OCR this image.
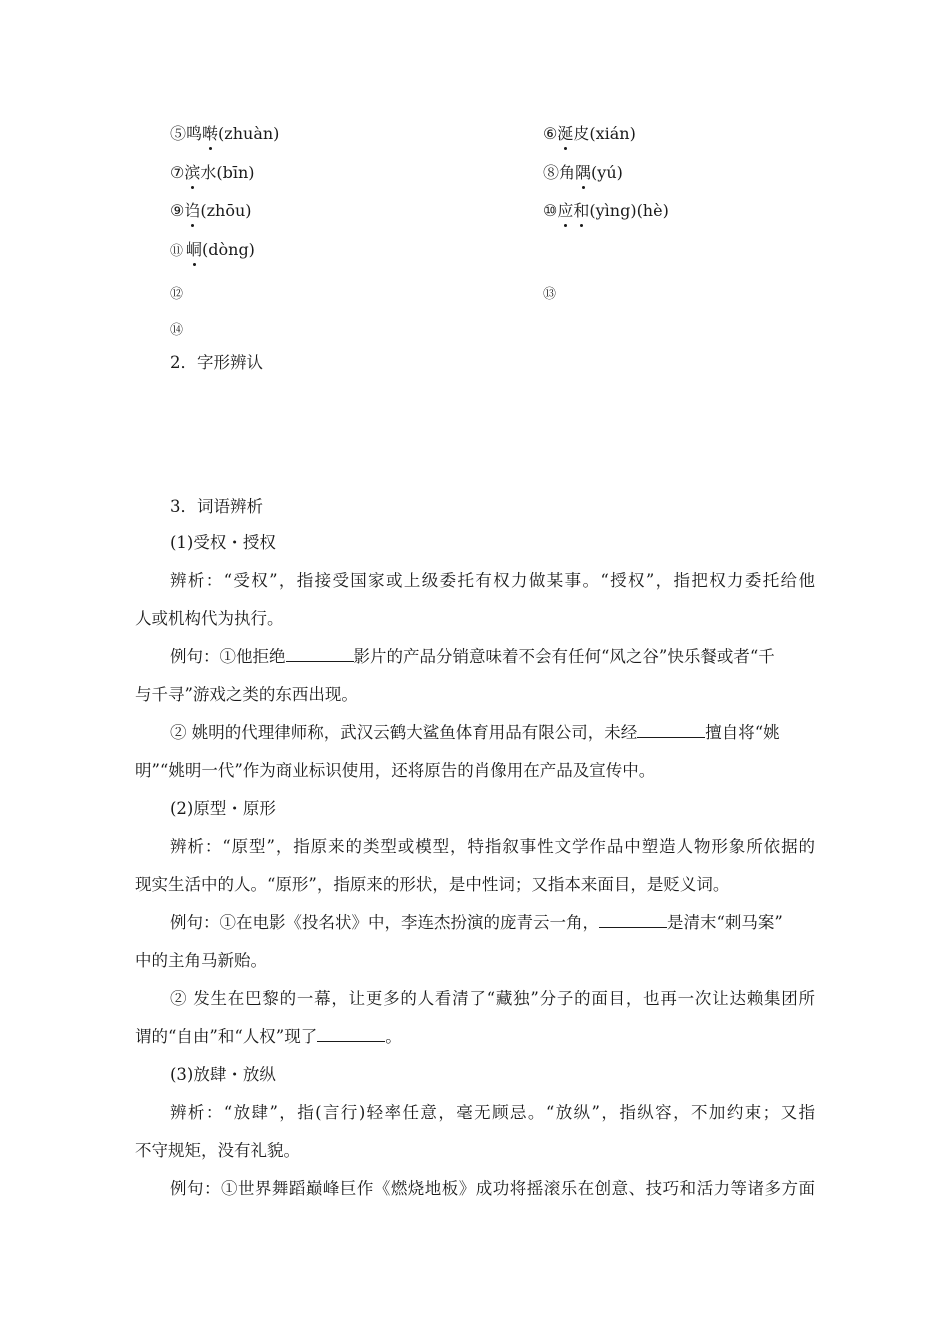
⑤鸣啭(zhuàn)	⑥涎皮(xián)
⑦滨水(bīn)	⑧角隅(yú)
⑨诌(zhōu)	⑩应和(yìng)(hè)
⑪ 峒(dòng)
⑫	⑬
⑭
2．字形辨认
3．词语辨析
(1)受权・授权
辨析：“受权”，指接受国家或上级委托有权力做某事。“授权”，指把权力委托给他
人或机构代为执行。
例句：①他拒绝	影片的产品分销意味着不会有任何“风之谷”快乐餐或者“千
与千寻”游戏之类的东西出现。
② 姚明的代理律师称，武汉云鹤大鲨鱼体育用品有限公司，未经	擅自将“姚
明”“姚明一代”作为商业标识使用，还将原告的肖像用在产品及宣传中。
(2)原型・原形
辨析：“原型”，指原来的类型或模型，特指叙事性文学作品中塑造人物形象所依据的
现实生活中的人。“原形”，指原来的形状，是中性词；又指本来面目，是贬义词。
例句：①在电影《投名状》中，李连杰扮演的庞青云一角，	是清末“刺马案”
中的主角马新贻。
② 发生在巴黎的一幕，让更多的人看清了“藏独”分子的面目，也再一次让达赖集团所
谓的“自由”和“人权”现了	。
(3)放肆・放纵
辨析：“放肆”，指(言行)轻率任意，毫无顾忌。“放纵”，指纵容，不加约束；又指
不守规矩，没有礼貌。
例句：①世界舞蹈巅峰巨作《燃烧地板》成功将摇滚乐在创意、技巧和活力等诸多方面
